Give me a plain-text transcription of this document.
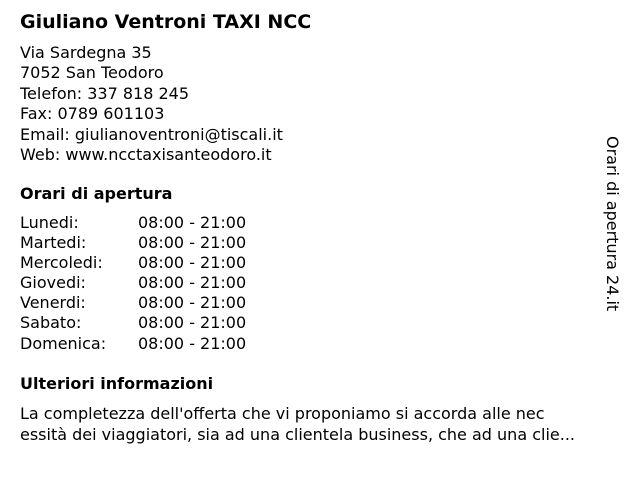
Giuliano Ventroni TAXI NCC
Via Sardegna 35
7052 San Teodoro
Telefon: 337 818 245
Fax: 0789 601103
Email: giulianoventroni@tiscali.it
Web: www.ncctaxisanteodoro.it
Orari di apertura
Lunedi:	08:00 - 21:00
Martedi:	08:00 - 21:00
Mercoledi:	08:00 - 21:00
Giovedi:	08:00 - 21:00
Venerdi:	08:00 - 21:00
Sabato:	08:00 - 21:00
Domenica:	08:00 - 21:00
Ulteriori informazioni
La completezza dell'offerta che vi proponiamo si accorda alle nec
essità dei viaggiatori, sia ad una clientela business, che ad una clie...
Orari di apertura 24.it
